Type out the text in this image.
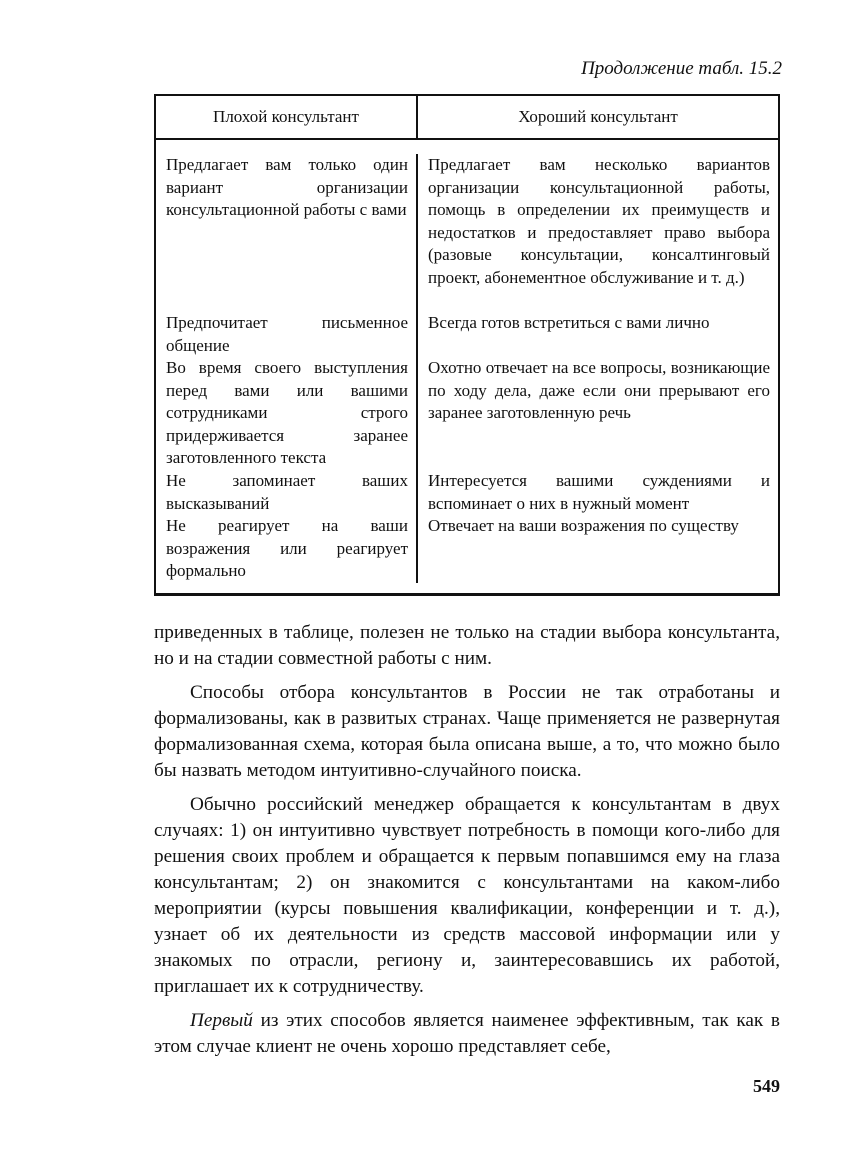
Продолжение табл. 15.2
Плохой консультант	Хороший консультант
Предлагает вам только один вариант организации консультационной работы с вами
Предпочитает письменное общение
Во время своего выступления перед вами или вашими сотрудниками строго придерживается заранее заготовленного текста
Не запоминает ваших высказываний
Не реагирует на ваши возражения или реагирует формально
Предлагает вам несколько вариантов организации консультационной работы, помощь в определении их преимуществ и недостатков и предоставляет право выбора (разовые консультации, консалтинговый проект, абонементное обслуживание и т. д.)
Всегда готов встретиться с вами лично
Охотно отвечает на все вопросы, возникающие по ходу дела, даже если они прерывают его заранее заготовленную речь
Интересуется вашими суждениями и вспоминает о них в нужный момент
Отвечает на ваши возражения по существу

приведенных в таблице, полезен не только на стадии выбора консультанта, но и на стадии совместной работы с ним.

Способы отбора консультантов в России не так отработаны и формализованы, как в развитых странах. Чаще применяется не развернутая формализованная схема, которая была описана выше, а то, что можно было бы назвать методом интуитивно-случайного поиска.

Обычно российский менеджер обращается к консультантам в двух случаях: 1) он интуитивно чувствует потребность в помощи кого-либо для решения своих проблем и обращается к первым попавшимся ему на глаза консультантам; 2) он знакомится с консультантами на каком-либо мероприятии (курсы повышения квалификации, конференции и т. д.), узнает об их деятельности из средств массовой информации или у знакомых по отрасли, региону и, заинтересовавшись их работой, приглашает их к сотрудничеству.

Первый из этих способов является наименее эффективным, так как в этом случае клиент не очень хорошо представляет себе,

549
